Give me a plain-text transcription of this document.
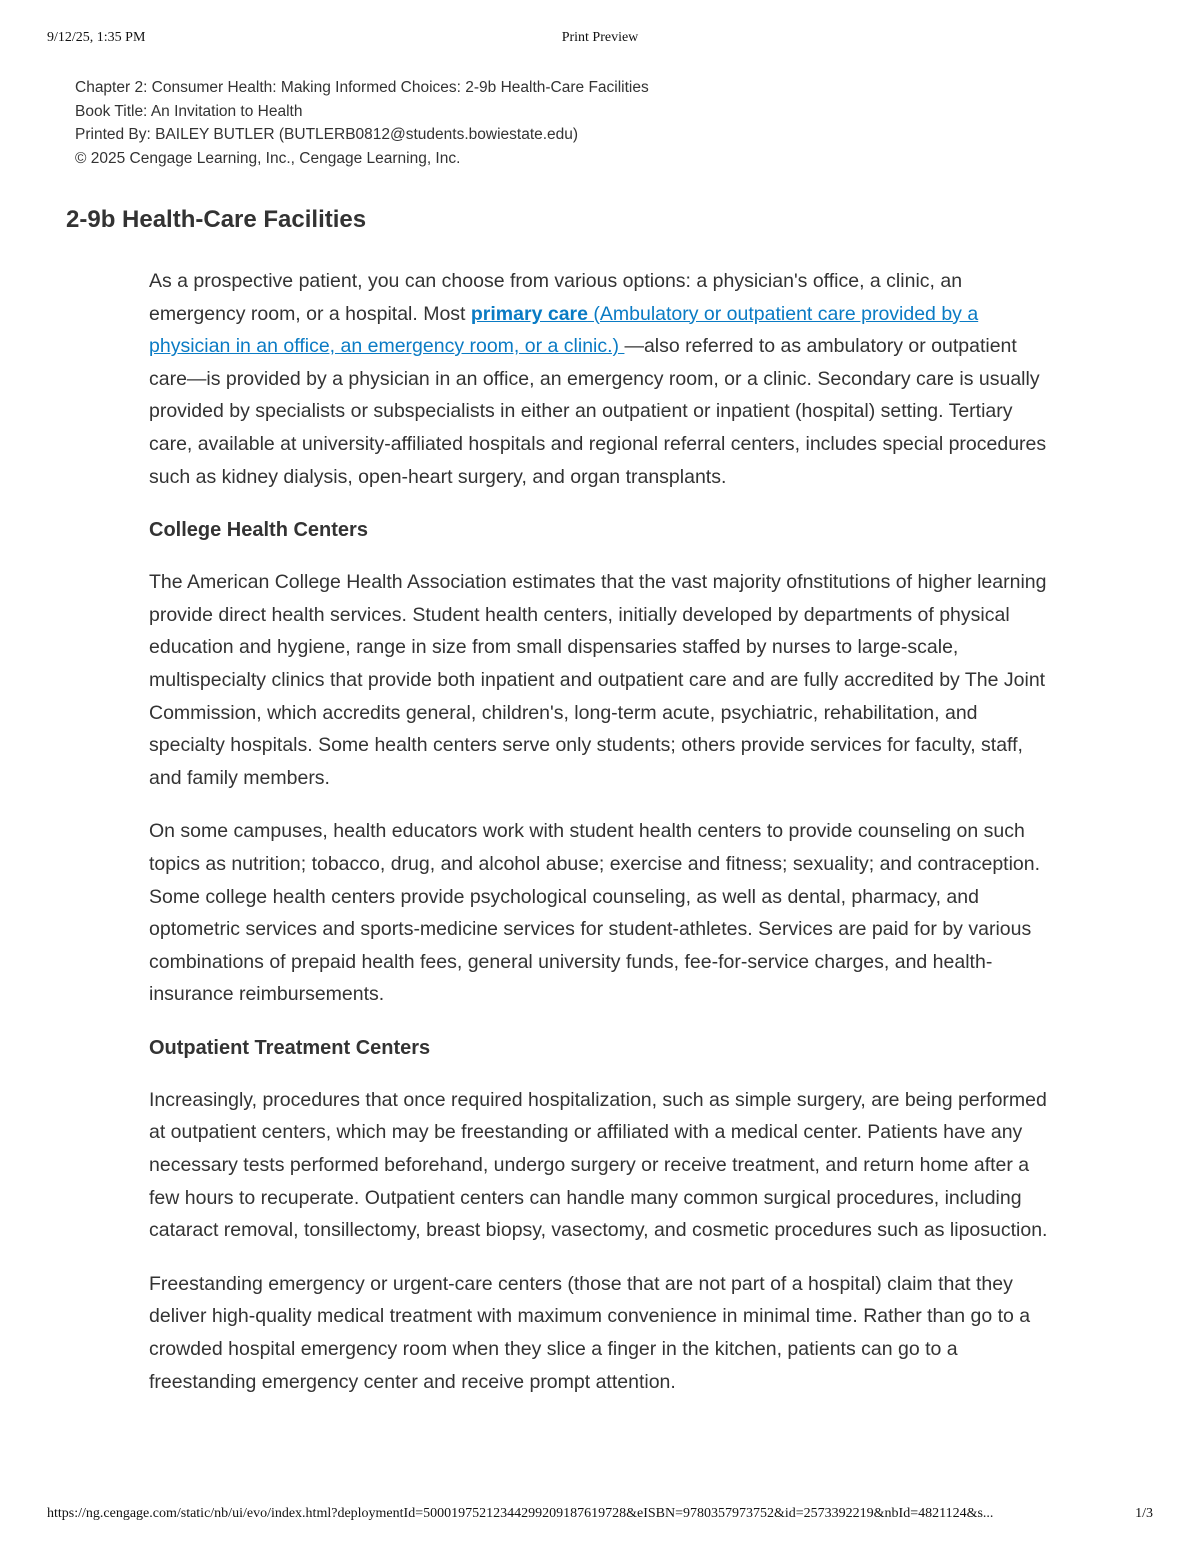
9/12/25, 1:35 PM	Print Preview
Chapter 2: Consumer Health: Making Informed Choices: 2-9b Health-Care Facilities
Book Title: An Invitation to Health
Printed By: BAILEY BUTLER (BUTLERB0812@students.bowiestate.edu)
© 2025 Cengage Learning, Inc., Cengage Learning, Inc.
2-9b Health-Care Facilities

As a prospective patient, you can choose from various options: a physician's office, a clinic, an emergency room, or a hospital. Most primary care (Ambulatory or outpatient care provided by a physician in an office, an emergency room, or a clinic.) —also referred to as ambulatory or outpatient care—is provided by a physician in an office, an emergency room, or a clinic. Secondary care is usually provided by specialists or subspecialists in either an outpatient or inpatient (hospital) setting. Tertiary care, available at university-affiliated hospitals and regional referral centers, includes special procedures such as kidney dialysis, open-heart surgery, and organ transplants.

College Health Centers

The American College Health Association estimates that the vast majority ofnstitutions of higher learning provide direct health services. Student health centers, initially developed by departments of physical education and hygiene, range in size from small dispensaries staffed by nurses to large-scale, multispecialty clinics that provide both inpatient and outpatient care and are fully accredited by The Joint Commission, which accredits general, children's, long-term acute, psychiatric, rehabilitation, and specialty hospitals. Some health centers serve only students; others provide services for faculty, staff, and family members.

On some campuses, health educators work with student health centers to provide counseling on such topics as nutrition; tobacco, drug, and alcohol abuse; exercise and fitness; sexuality; and contraception. Some college health centers provide psychological counseling, as well as dental, pharmacy, and optometric services and sports-medicine services for student-athletes. Services are paid for by various combinations of prepaid health fees, general university funds, fee-for-service charges, and health-insurance reimbursements.

Outpatient Treatment Centers

Increasingly, procedures that once required hospitalization, such as simple surgery, are being performed at outpatient centers, which may be freestanding or affiliated with a medical center. Patients have any necessary tests performed beforehand, undergo surgery or receive treatment, and return home after a few hours to recuperate. Outpatient centers can handle many common surgical procedures, including cataract removal, tonsillectomy, breast biopsy, vasectomy, and cosmetic procedures such as liposuction.

Freestanding emergency or urgent-care centers (those that are not part of a hospital) claim that they deliver high-quality medical treatment with maximum convenience in minimal time. Rather than go to a crowded hospital emergency room when they slice a finger in the kitchen, patients can go to a freestanding emergency center and receive prompt attention.

https://ng.cengage.com/static/nb/ui/evo/index.html?deploymentId=50001975212344299209187619728&eISBN=9780357973752&id=2573392219&nbId=4821124&s...	1/3
